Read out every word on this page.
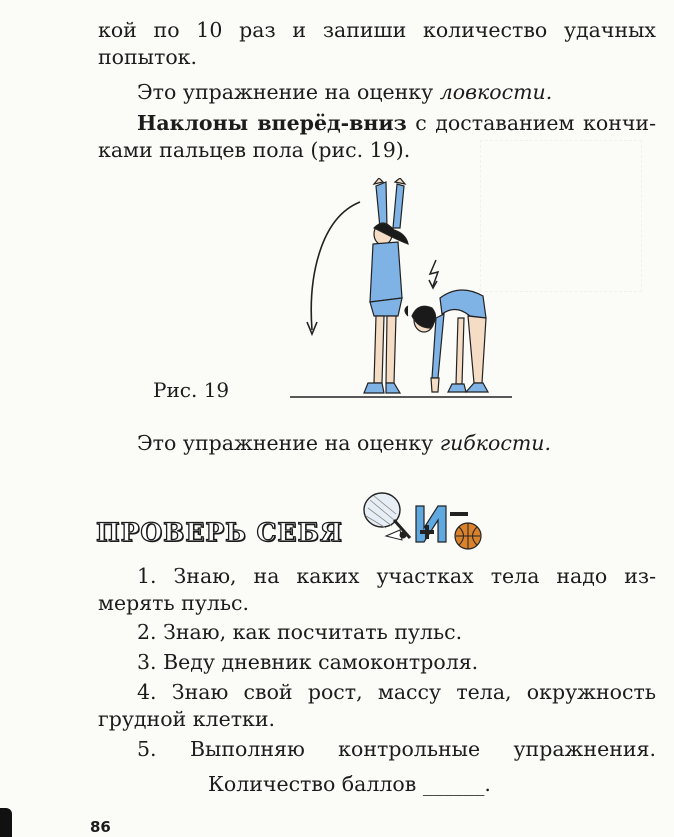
кой по 10 раз и запиши количество удачных
попыток.
Это упражнение на оценку ловкости.
Наклоны вперёд-вниз с доставанием кончи-
ками пальцев пола (рис. 19).
Рис. 19
Это упражнение на оценку гибкости.
ПРОВЕРЬ СЕБЯ
1. Знаю, на каких участках тела надо из-
мерять пульс.
2. Знаю, как посчитать пульс.
3. Веду дневник самоконтроля.
4. Знаю свой рост, массу тела, окружность
грудной клетки.
5. Выполняю контрольные упражнения.
Количество баллов ______.
86
